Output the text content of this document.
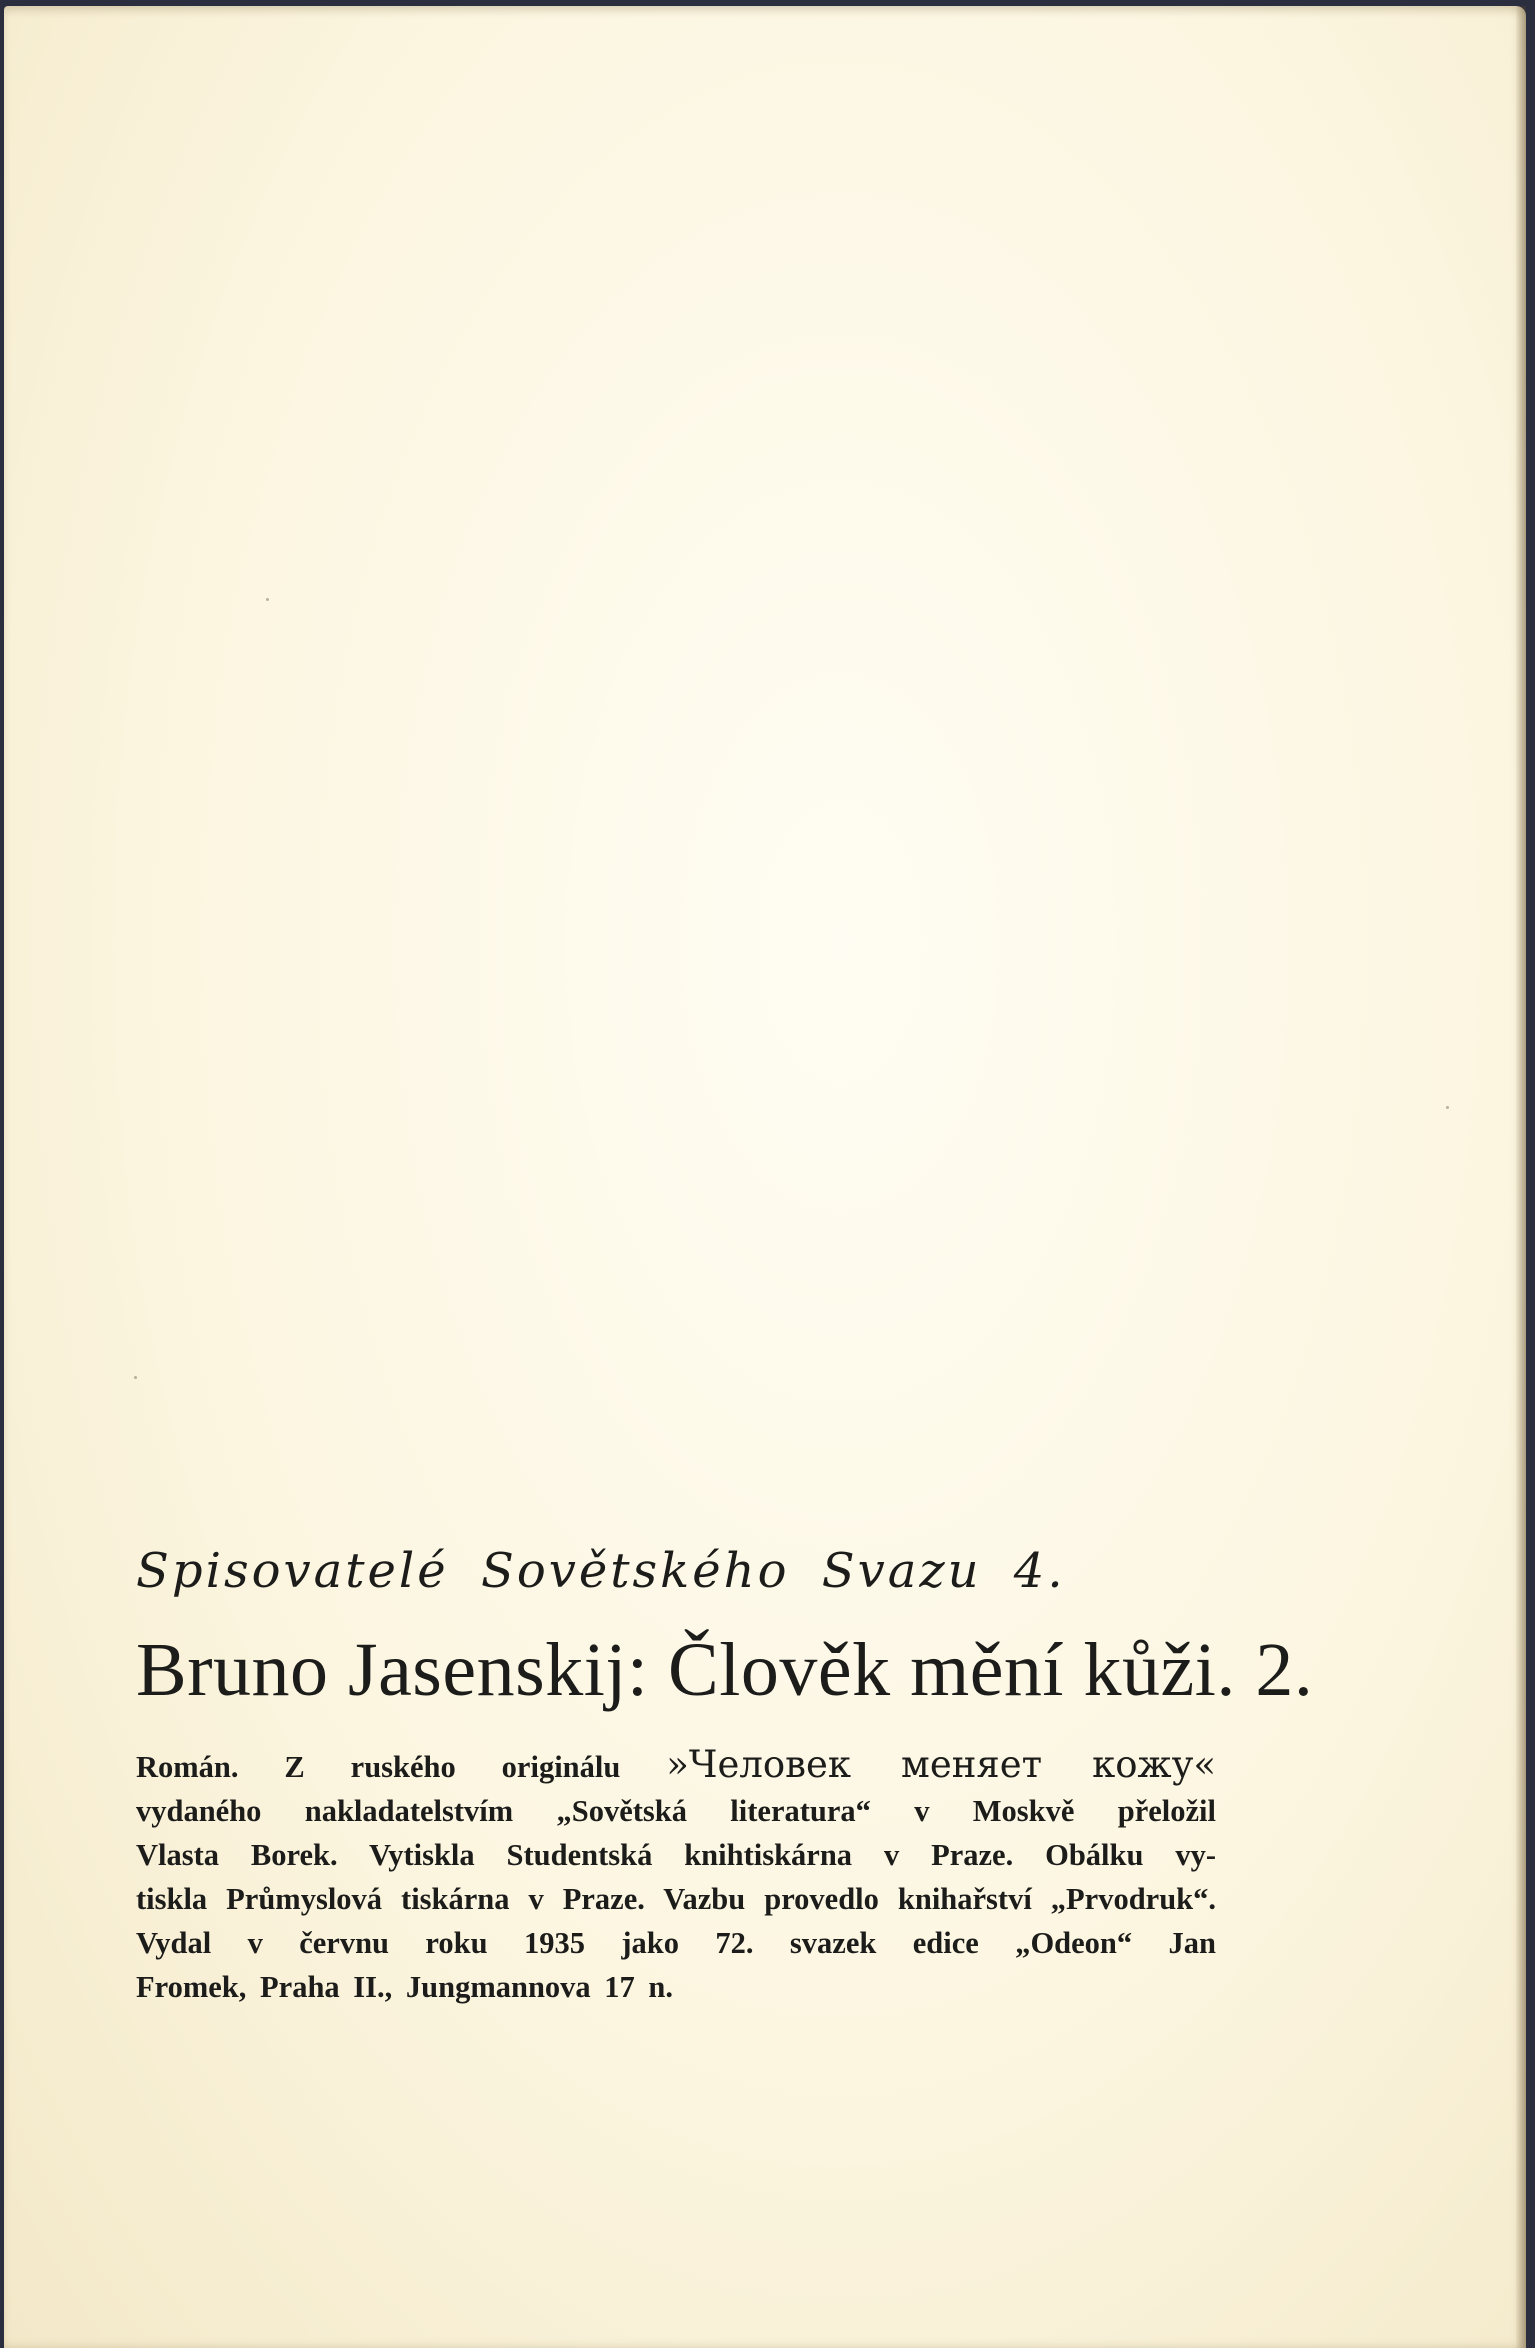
Spisovatelé Sovětského Svazu 4.
Bruno Jasenskij: Člověk mění kůži. 2.
Román. Z ruského originálu »Человек меняет кожу«
vydaného nakladatelstvím „Sovětská literatura“ v Moskvě přeložil
Vlasta Borek. Vytiskla Studentská knihtiskárna v Praze. Obálku vy-
tiskla Průmyslová tiskárna v Praze. Vazbu provedlo knihařství „Prvodruk“.
Vydal v červnu roku 1935 jako 72. svazek edice „Odeon“ Jan
Fromek, Praha II., Jungmannova 17 n.
